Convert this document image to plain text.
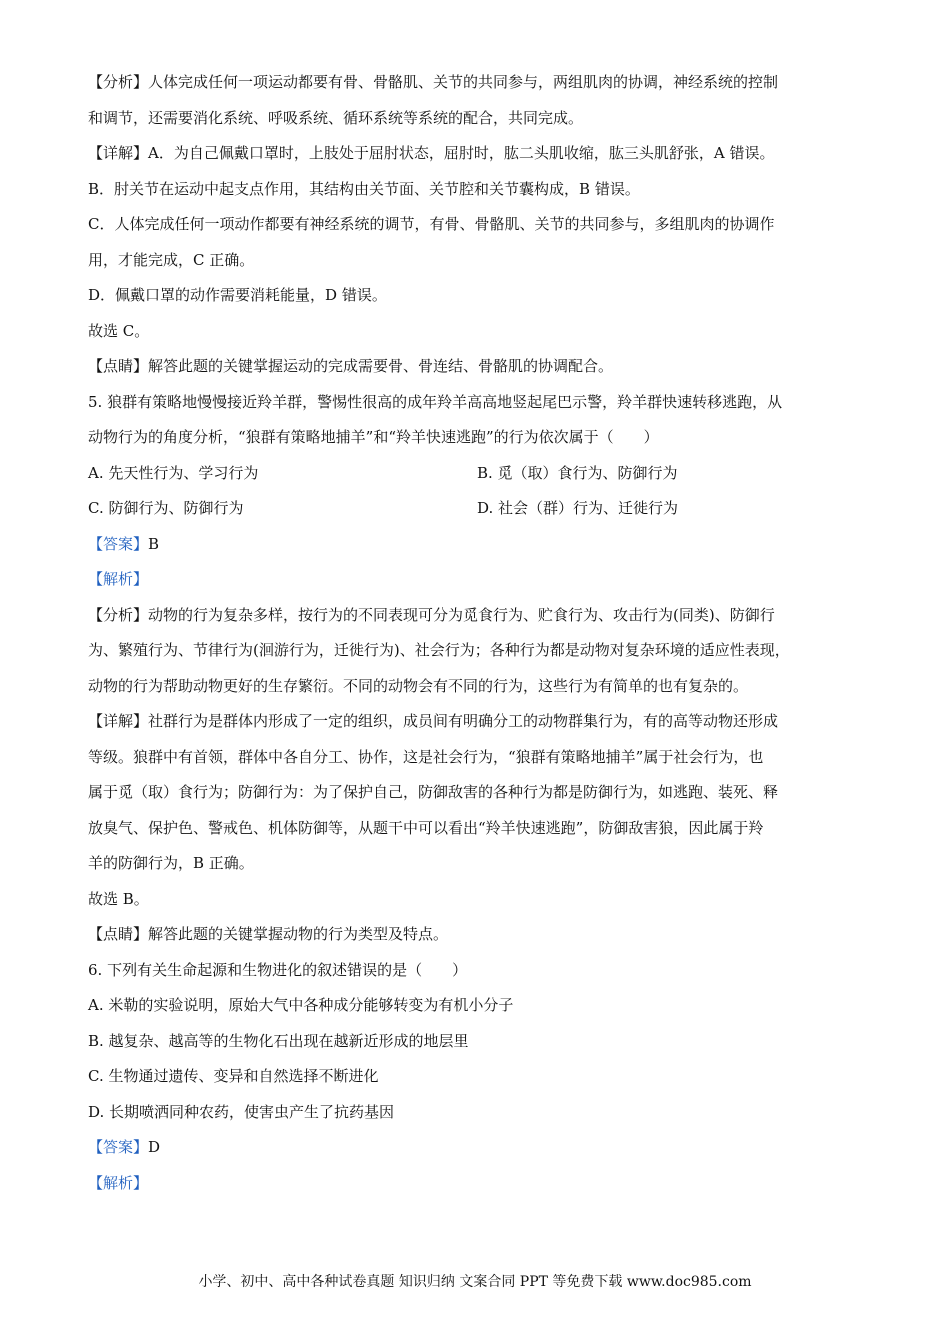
【分析】人体完成任何一项运动都要有骨、骨骼肌、关节的共同参与，两组肌肉的协调，神经系统的控制
和调节，还需要消化系统、呼吸系统、循环系统等系统的配合，共同完成。
【详解】A．为自己佩戴口罩时，上肢处于屈肘状态，屈肘时，肱二头肌收缩，肱三头肌舒张，A 错误。
B．肘关节在运动中起支点作用，其结构由关节面、关节腔和关节囊构成，B 错误。
C．人体完成任何一项动作都要有神经系统的调节，有骨、骨骼肌、关节的共同参与，多组肌肉的协调作
用，才能完成，C 正确。
D．佩戴口罩的动作需要消耗能量，D 错误。
故选 C。
【点睛】解答此题的关键掌握运动的完成需要骨、骨连结、骨骼肌的协调配合。
5. 狼群有策略地慢慢接近羚羊群，警惕性很高的成年羚羊高高地竖起尾巴示警，羚羊群快速转移逃跑，从
动物行为的角度分析，“狼群有策略地捕羊”和“羚羊快速逃跑”的行为依次属于（　　）
A. 先天性行为、学习行为	B. 觅（取）食行为、防御行为
C. 防御行为、防御行为	D. 社会（群）行为、迁徙行为
【答案】B
【解析】
【分析】动物的行为复杂多样，按行为的不同表现可分为觅食行为、贮食行为、攻击行为(同类)、防御行
为、繁殖行为、节律行为(洄游行为，迁徙行为)、社会行为；各种行为都是动物对复杂环境的适应性表现，
动物的行为帮助动物更好的生存繁衍。不同的动物会有不同的行为，这些行为有简单的也有复杂的。
【详解】社群行为是群体内形成了一定的组织，成员间有明确分工的动物群集行为，有的高等动物还形成
等级。狼群中有首领，群体中各自分工、协作，这是社会行为，“狼群有策略地捕羊”属于社会行为，也
属于觅（取）食行为；防御行为：为了保护自己，防御敌害的各种行为都是防御行为，如逃跑、装死、释
放臭气、保护色、警戒色、机体防御等，从题干中可以看出“羚羊快速逃跑”，防御敌害狼，因此属于羚
羊的防御行为，B 正确。
故选 B。
【点睛】解答此题的关键掌握动物的行为类型及特点。
6. 下列有关生命起源和生物进化的叙述错误的是（　　）
A. 米勒的实验说明，原始大气中各种成分能够转变为有机小分子
B. 越复杂、越高等的生物化石出现在越新近形成的地层里
C. 生物通过遗传、变异和自然选择不断进化
D. 长期喷洒同种农药，使害虫产生了抗药基因
【答案】D
【解析】
小学、初中、高中各种试卷真题 知识归纳 文案合同 PPT 等免费下载 www.doc985.com
